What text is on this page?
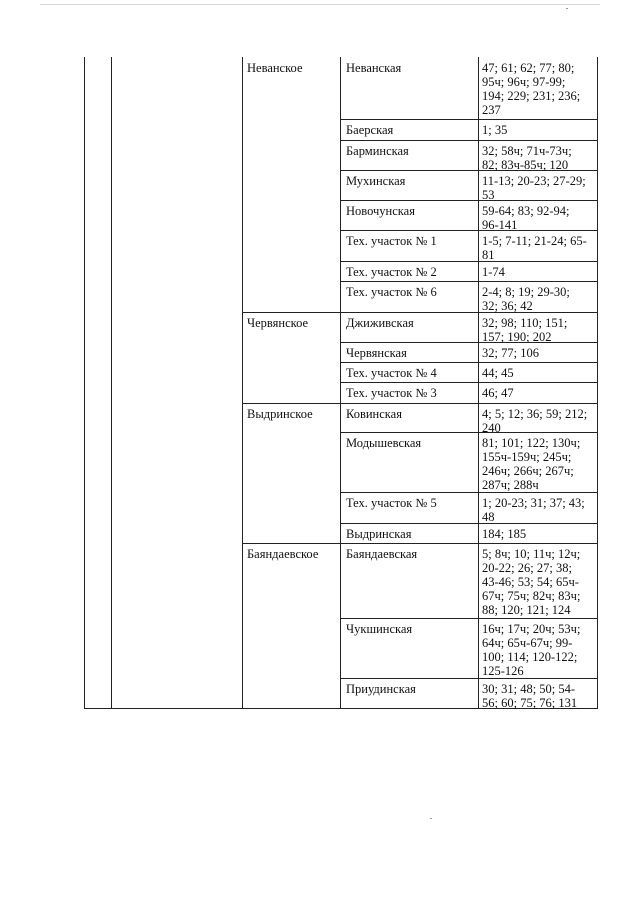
Неванское	Неванская	47; 61; 62; 77; 80;
95ч; 96ч; 97-99;
194; 229; 231; 236;
237
Баерская	1; 35
Барминская	32; 58ч; 71ч-73ч;
82; 83ч-85ч; 120
Мухинская	11-13; 20-23; 27-29;
53
Новочунская	59-64; 83; 92-94;
96-141
Тех. участок № 1	1-5; 7-11; 21-24; 65-
81
Тех. участок № 2	1-74
Тех. участок № 6	2-4; 8; 19; 29-30;
32; 36; 42
Червянское	Джиживская	32; 98; 110; 151;
157; 190; 202
Червянская	32; 77; 106
Тех. участок № 4	44; 45
Тех. участок № 3	46; 47
Выдринское	Ковинская	4; 5; 12; 36; 59; 212;
240
Модышевская	81; 101; 122; 130ч;
155ч-159ч; 245ч;
246ч; 266ч; 267ч;
287ч; 288ч
Тех. участок № 5	1; 20-23; 31; 37; 43;
48
Выдринская	184; 185
Баяндаевское Баяндаевская	5; 8ч; 10; 11ч; 12ч;
20-22; 26; 27; 38;
43-46; 53; 54; 65ч-
67ч; 75ч; 82ч; 83ч;
88; 120; 121; 124
Чукшинская	16ч; 17ч; 20ч; 53ч;
64ч; 65ч-67ч; 99-
100; 114; 120-122;
125-126
Приудинская	30; 31; 48; 50; 54-
56; 60; 75; 76; 131
